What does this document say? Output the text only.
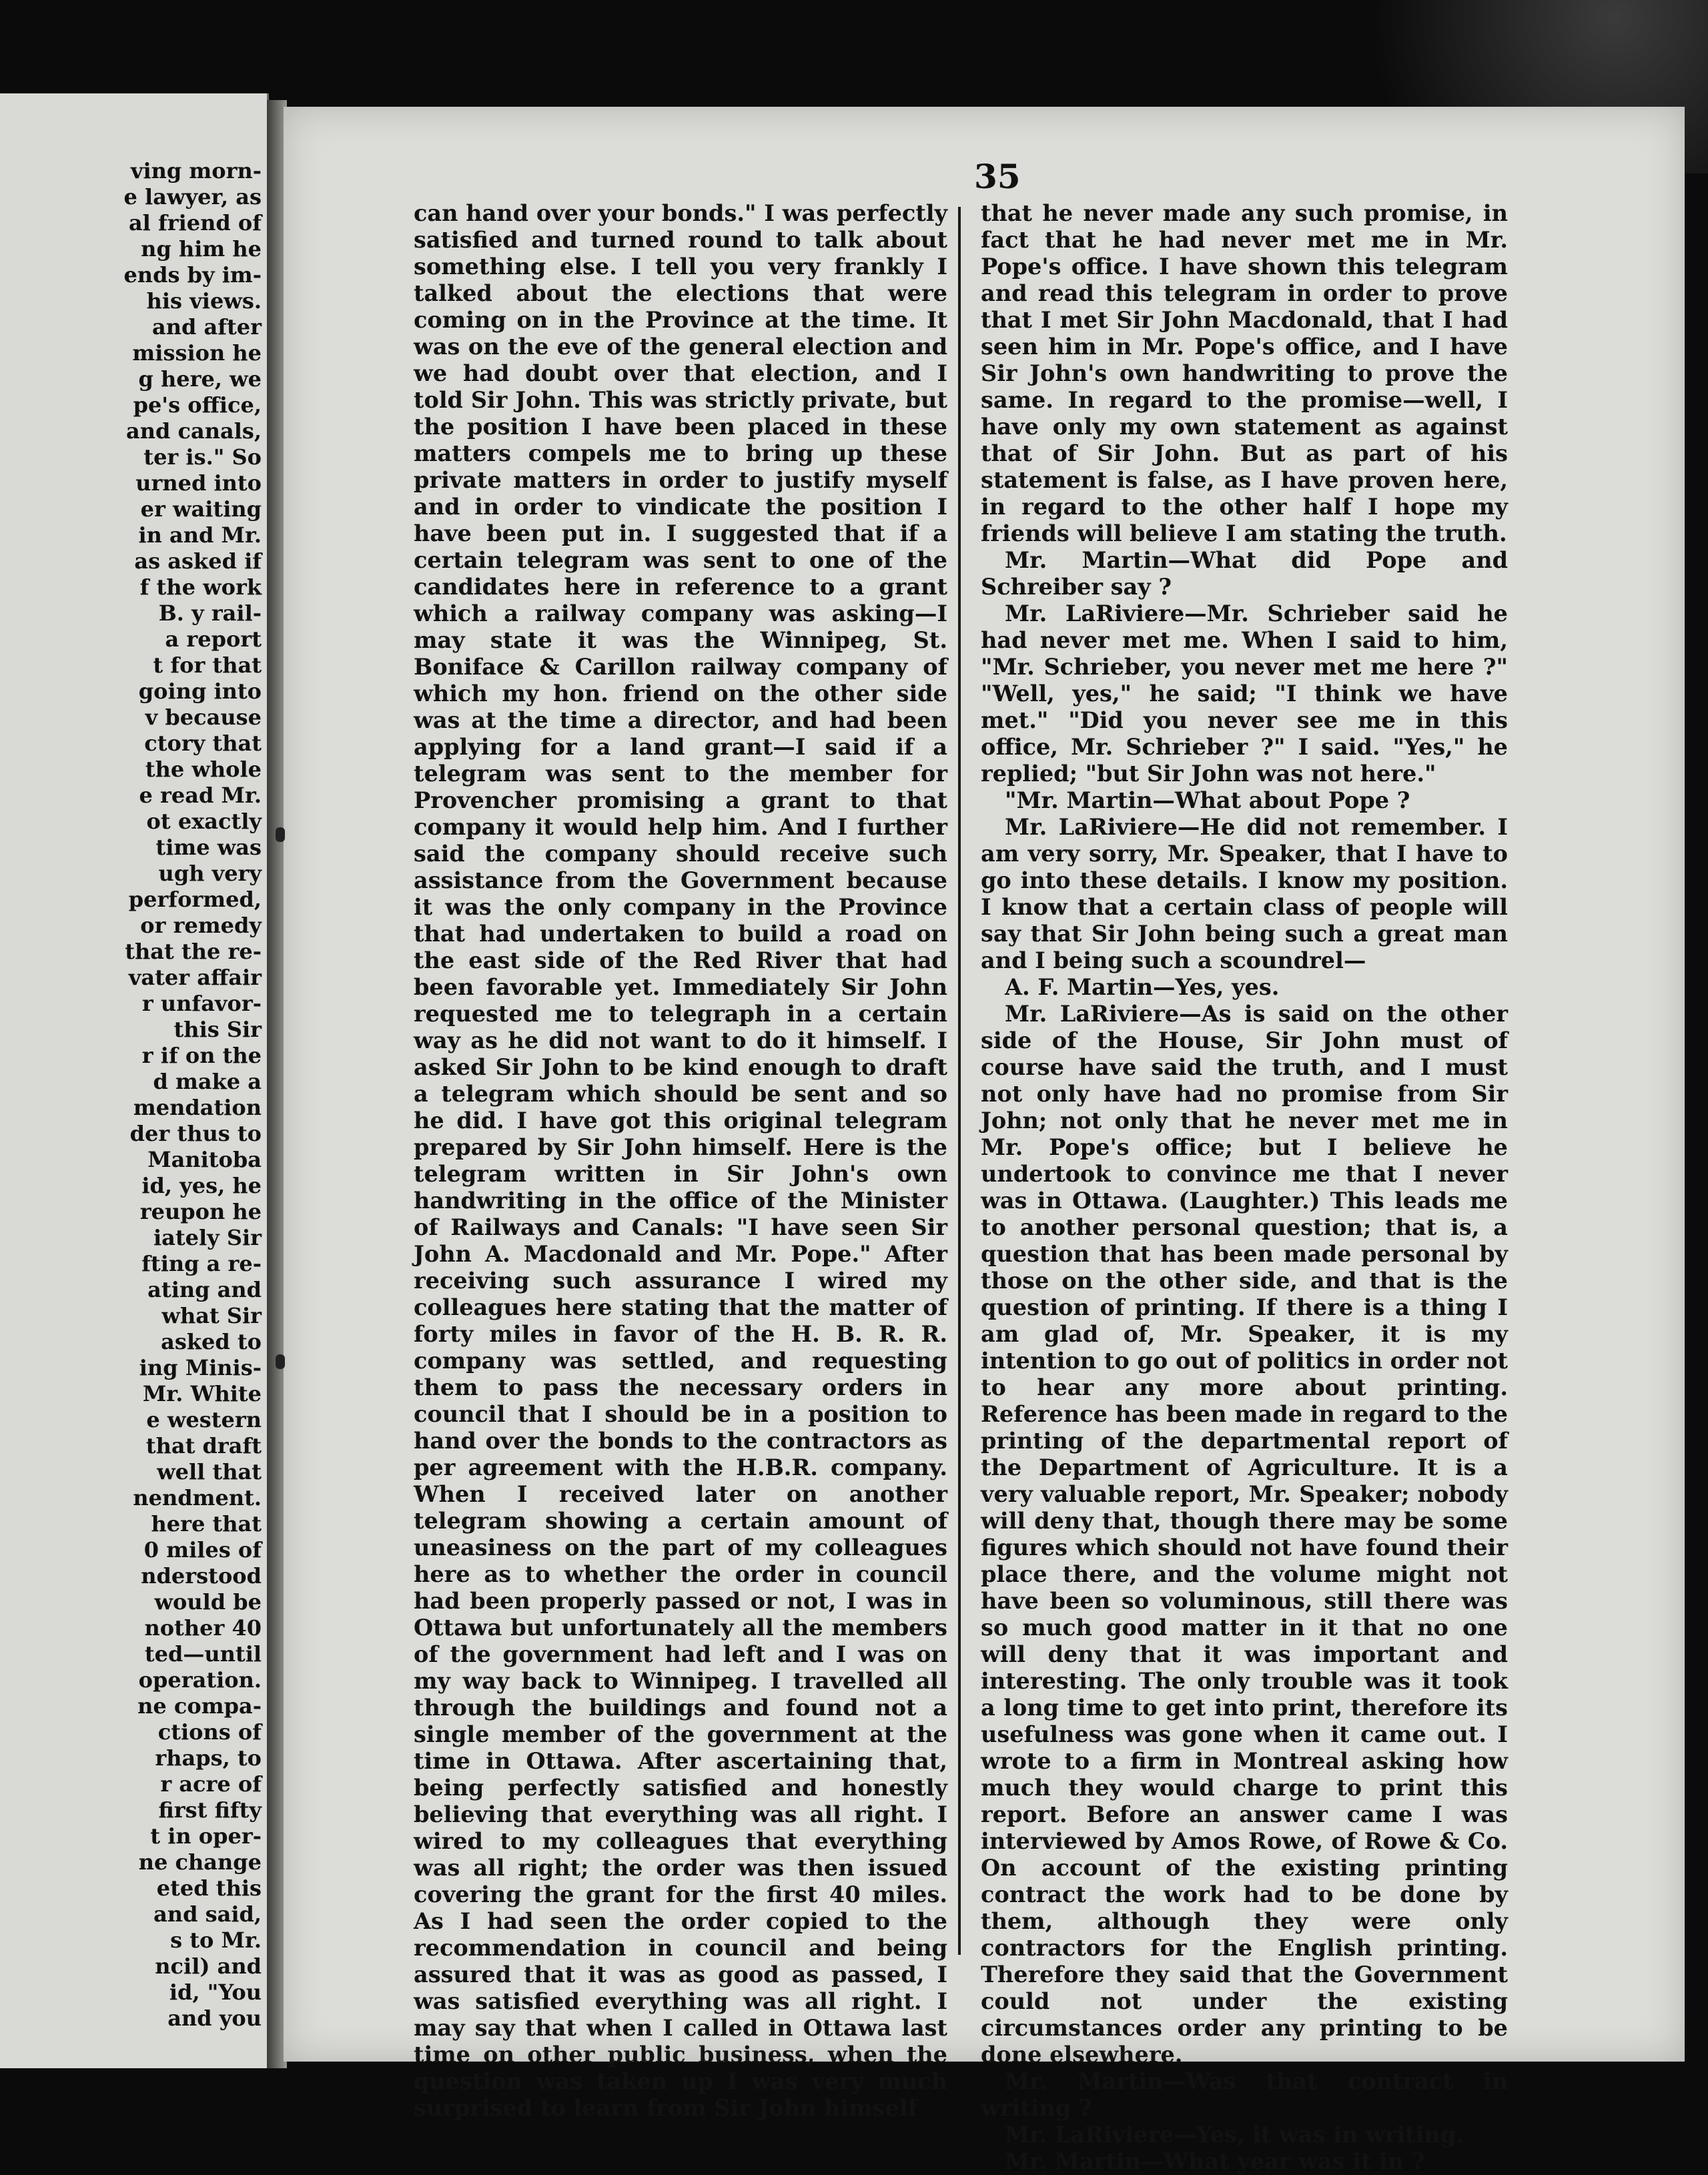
ving morn-
e lawyer, as
al friend of
ng him he
ends by im-
his views.
and after
mission he
g here, we
pe's office,
and canals,
ter is." So
urned into
er waiting
in and Mr.
as asked if
f the work
B. y rail-
a report
t for that
going into
v because
ctory that
the whole
e read Mr.
ot exactly
time was
ugh very
performed,
or remedy
that the re-
vater affair
r unfavor-
this Sir
r if on the
d make a
mendation
der thus to
Manitoba
id, yes, he
reupon he
iately Sir
fting a re-
ating and
what Sir
asked to
ing Minis-
Mr. White
e western
that draft
well that
nendment.
here that
0 miles of
nderstood
would be
nother 40
ted—until
operation.
ne compa-
ctions of
rhaps, to
r acre of
first fifty
t in oper-
ne change
eted this
and said,
s to Mr.
ncil) and
id, "You
and you
35

can hand over your bonds." I was perfectly satisfied and turned round to talk about something else. I tell you very frankly I talked about the elections that were coming on in the Province at the time. It was on the eve of the general election and we had doubt over that election, and I told Sir John. This was strictly private, but the position I have been placed in these matters compels me to bring up these private matters in order to justify myself and in order to vindicate the position I have been put in. I suggested that if a certain telegram was sent to one of the candidates here in reference to a grant which a railway company was asking—I may state it was the Winnipeg, St. Boniface & Carillon railway company of which my hon. friend on the other side was at the time a director, and had been applying for a land grant—I said if a telegram was sent to the member for Provencher promising a grant to that company it would help him. And I further said the company should receive such assistance from the Government because it was the only company in the Province that had undertaken to build a road on the east side of the Red River that had been favorable yet. Immediately Sir John requested me to telegraph in a certain way as he did not want to do it himself. I asked Sir John to be kind enough to draft a telegram which should be sent and so he did. I have got this original telegram prepared by Sir John himself. Here is the telegram written in Sir John's own handwriting in the office of the Minister of Railways and Canals: "I have seen Sir John A. Macdonald and Mr. Pope." After receiving such assurance I wired my colleagues here stating that the matter of forty miles in favor of the H. B. R. R. company was settled, and requesting them to pass the necessary orders in council that I should be in a position to hand over the bonds to the contractors as per agreement with the H.B.R. company. When I received later on another telegram showing a certain amount of uneasiness on the part of my colleagues here as to whether the order in council had been properly passed or not, I was in Ottawa but unfortunately all the members of the government had left and I was on my way back to Winnipeg. I travelled all through the buildings and found not a single member of the government at the time in Ottawa. After ascertaining that, being perfectly satisfied and honestly believing that everything was all right. I wired to my colleagues that everything was all right; the order was then issued covering the grant for the first 40 miles. As I had seen the order copied to the recommendation in council and being assured that it was as good as passed, I was satisfied everything was all right. I may say that when I called in Ottawa last time on other public business, when the question was taken up I was very much surprised to learn from Sir John himself

that he never made any such promise, in fact that he had never met me in Mr. Pope's office. I have shown this telegram and read this telegram in order to prove that I met Sir John Macdonald, that I had seen him in Mr. Pope's office, and I have Sir John's own handwriting to prove the same. In regard to the promise—well, I have only my own statement as against that of Sir John. But as part of his statement is false, as I have proven here, in regard to the other half I hope my friends will believe I am stating the truth.

Mr. Martin—What did Pope and Schreiber say ?

Mr. LaRiviere—Mr. Schrieber said he had never met me. When I said to him, "Mr. Schrieber, you never met me here ?" "Well, yes," he said; "I think we have met." "Did you never see me in this office, Mr. Schrieber ?" I said. "Yes," he replied; "but Sir John was not here."

"Mr. Martin—What about Pope ?

Mr. LaRiviere—He did not remember. I am very sorry, Mr. Speaker, that I have to go into these details. I know my position. I know that a certain class of people will say that Sir John being such a great man and I being such a scoundrel—

A. F. Martin—Yes, yes.

Mr. LaRiviere—As is said on the other side of the House, Sir John must of course have said the truth, and I must not only have had no promise from Sir John; not only that he never met me in Mr. Pope's office; but I believe he undertook to convince me that I never was in Ottawa. (Laughter.) This leads me to another personal question; that is, a question that has been made personal by those on the other side, and that is the question of printing. If there is a thing I am glad of, Mr. Speaker, it is my intention to go out of politics in order not to hear any more about printing. Reference has been made in regard to the printing of the departmental report of the Department of Agriculture. It is a very valuable report, Mr. Speaker; nobody will deny that, though there may be some figures which should not have found their place there, and the volume might not have been so voluminous, still there was so much good matter in it that no one will deny that it was important and interesting. The only trouble was it took a long time to get into print, therefore its usefulness was gone when it came out. I wrote to a firm in Montreal asking how much they would charge to print this report. Before an answer came I was interviewed by Amos Rowe, of Rowe & Co. On account of the existing printing contract the work had to be done by them, although they were only contractors for the English printing. Therefore they said that the Government could not under the existing circumstances order any printing to be done elsewhere.

Mr. Martin—Was that contract in writing ?

Mr. LaRiviere—Yes, it was in writing.

Mr. Martin—What year was it in ?
